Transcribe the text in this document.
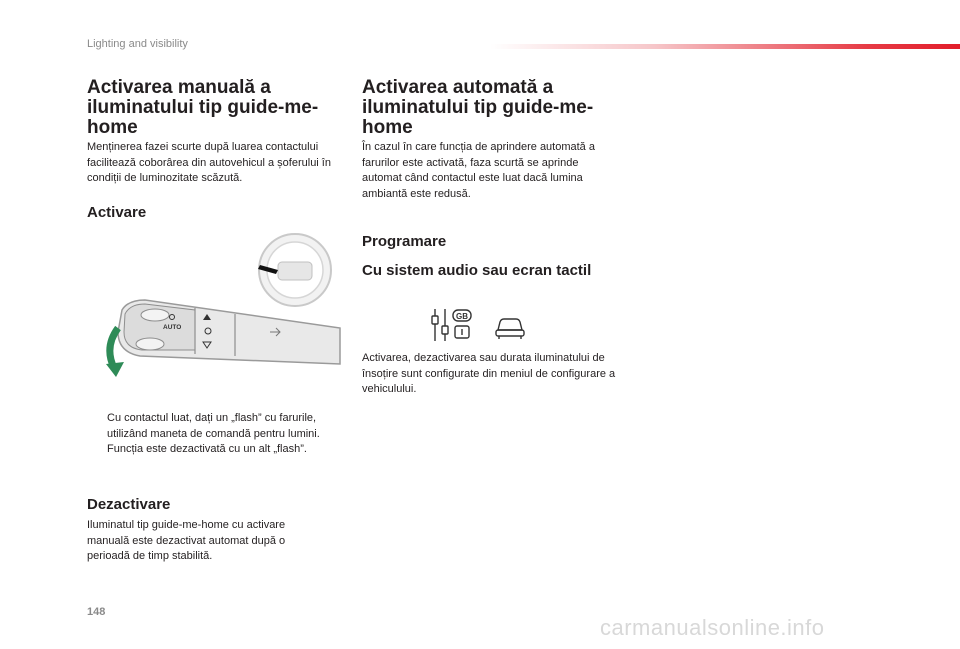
Lighting and visibility
Activarea manuală a iluminatului tip guide-me-home

Menținerea fazei scurte după luarea contactului facilitează coborârea din autovehicul a șoferului în condiții de luminozitate scăzută.

Activare
AUTO
Cu contactul luat, dați un „flash” cu farurile, utilizând maneta de comandă pentru lumini.
Funcția este dezactivată cu un alt „flash”.
Dezactivare

Iluminatul tip guide-me-home cu activare manuală este dezactivat automat după o perioadă de timp stabilită.

Activarea automată a iluminatului tip guide-me-home

În cazul în care funcția de aprindere automată a farurilor este activată, faza scurtă se aprinde automat când contactul este luat dacă lumina ambiantă este redusă.

Programare
Cu sistem audio sau ecran tactil
GB

Activarea, dezactivarea sau durata iluminatului de însoțire sunt configurate din meniul de configurare a vehiculului.

148
carmanualsonline.info
